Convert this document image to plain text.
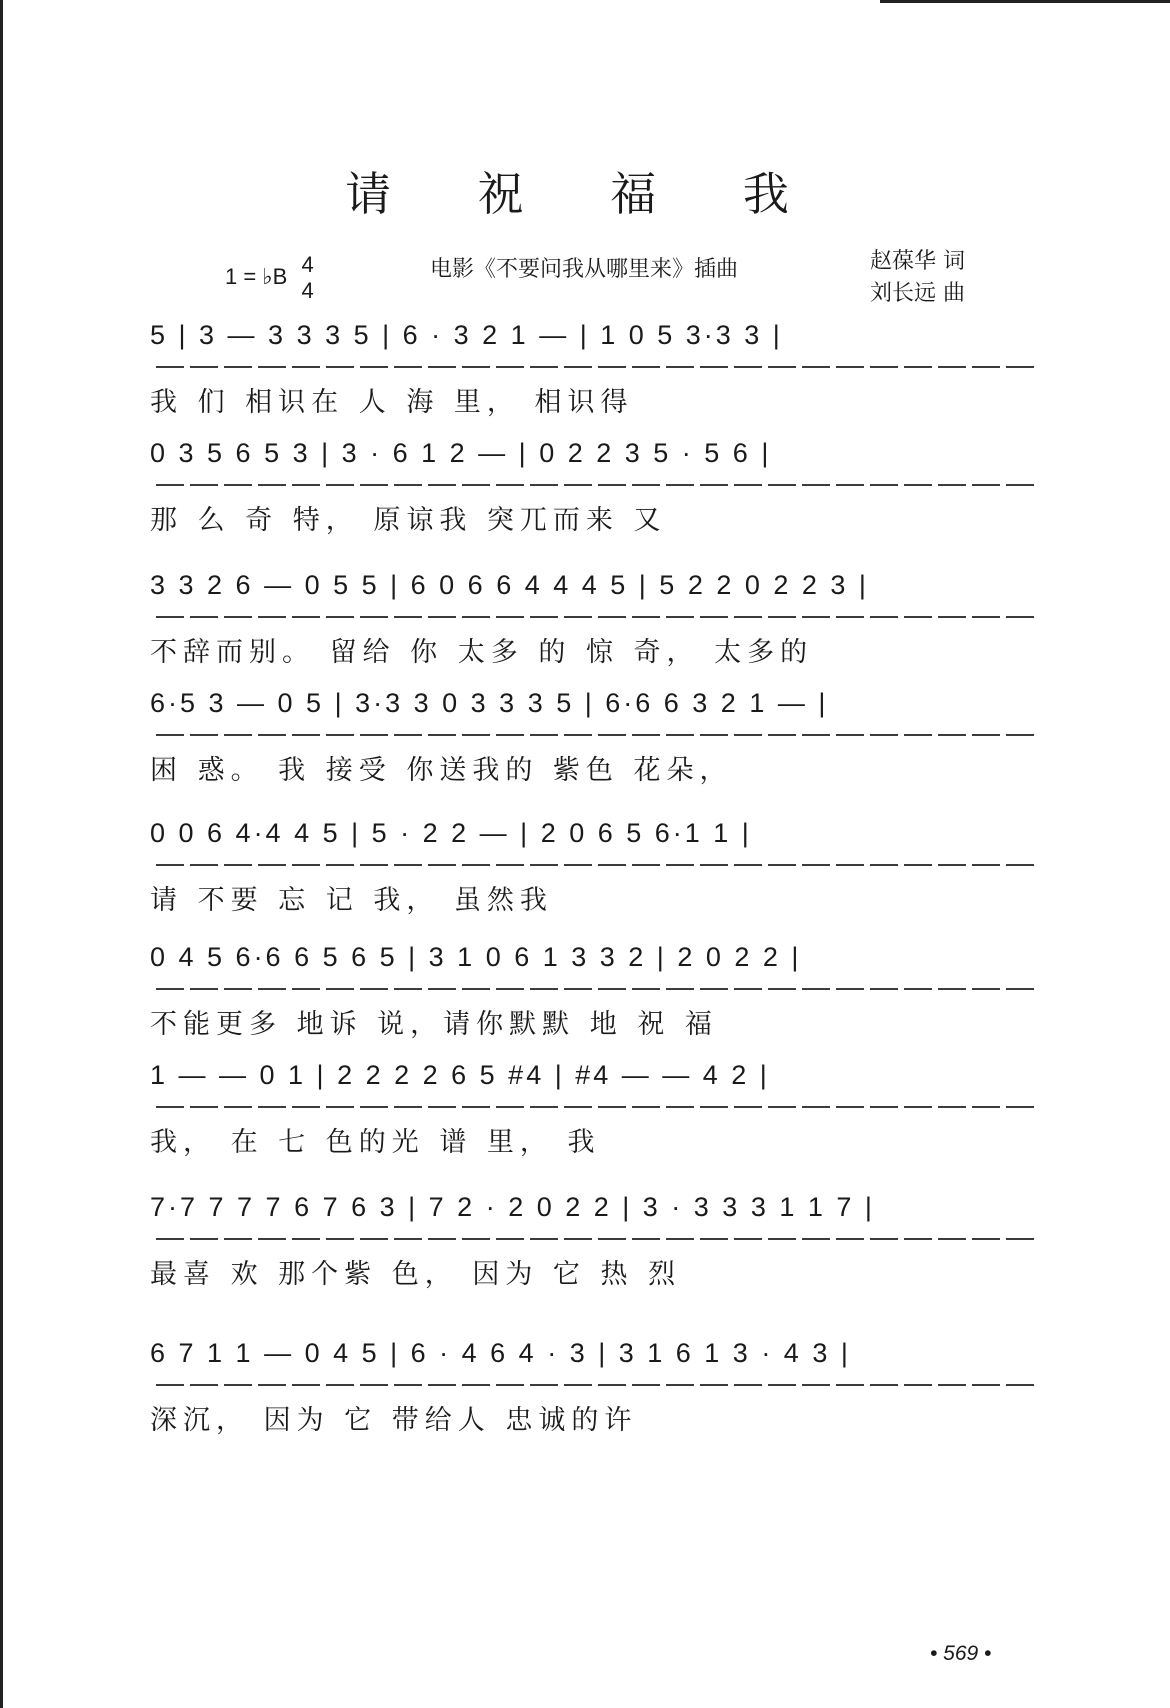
请 祝 福 我
1 = ♭B 4
4
电影《不要问我从哪里来》插曲	赵葆华 词
刘长远 曲
5 | 3 — 3 3 3 5 | 6 · 3 2 1 — | 1 0 5 3·3 3 |
我 们 相识在 人 海 里， 相识得
0 3 5 6 5 3 | 3 · 6 1 2 — | 0 2 2 3 5 · 5 6 |
那 么 奇 特， 原谅我 突兀而来 又
3 3 2 6 — 0 5 5 | 6 0 6 6 4 4 4 5 | 5 2 2 0 2 2 3 |
不辞而别。 留给 你 太多 的 惊 奇， 太多的
6·5 3 — 0 5 | 3·3 3 0 3 3 3 5 | 6·6 6 3 2 1 — |
困 惑。 我 接受 你送我的 紫色 花朵，
0 0 6 4·4 4 5 | 5 · 2 2 — | 2 0 6 5 6·1 1 |
请 不要 忘 记 我， 虽然我
0 4 5 6·6 6 5 6 5 | 3 1 0 6 1 3 3 2 | 2 0 2 2 |
不能更多 地诉 说，请你默默 地 祝 福
1 — — 0 1 | 2 2 2 2 6 5 #4 | #4 — — 4 2 |
我， 在 七 色的光 谱 里， 我
7·7 7 7 7 6 7 6 3 | 7 2 · 2 0 2 2 | 3 · 3 3 3 1 1 7 |
最喜 欢 那个紫 色， 因为 它 热 烈
6 7 1 1 — 0 4 5 | 6 · 4 6 4 · 3 | 3 1 6 1 3 · 4 3 |
深沉， 因为 它 带给人 忠诚的许
• 569 •
